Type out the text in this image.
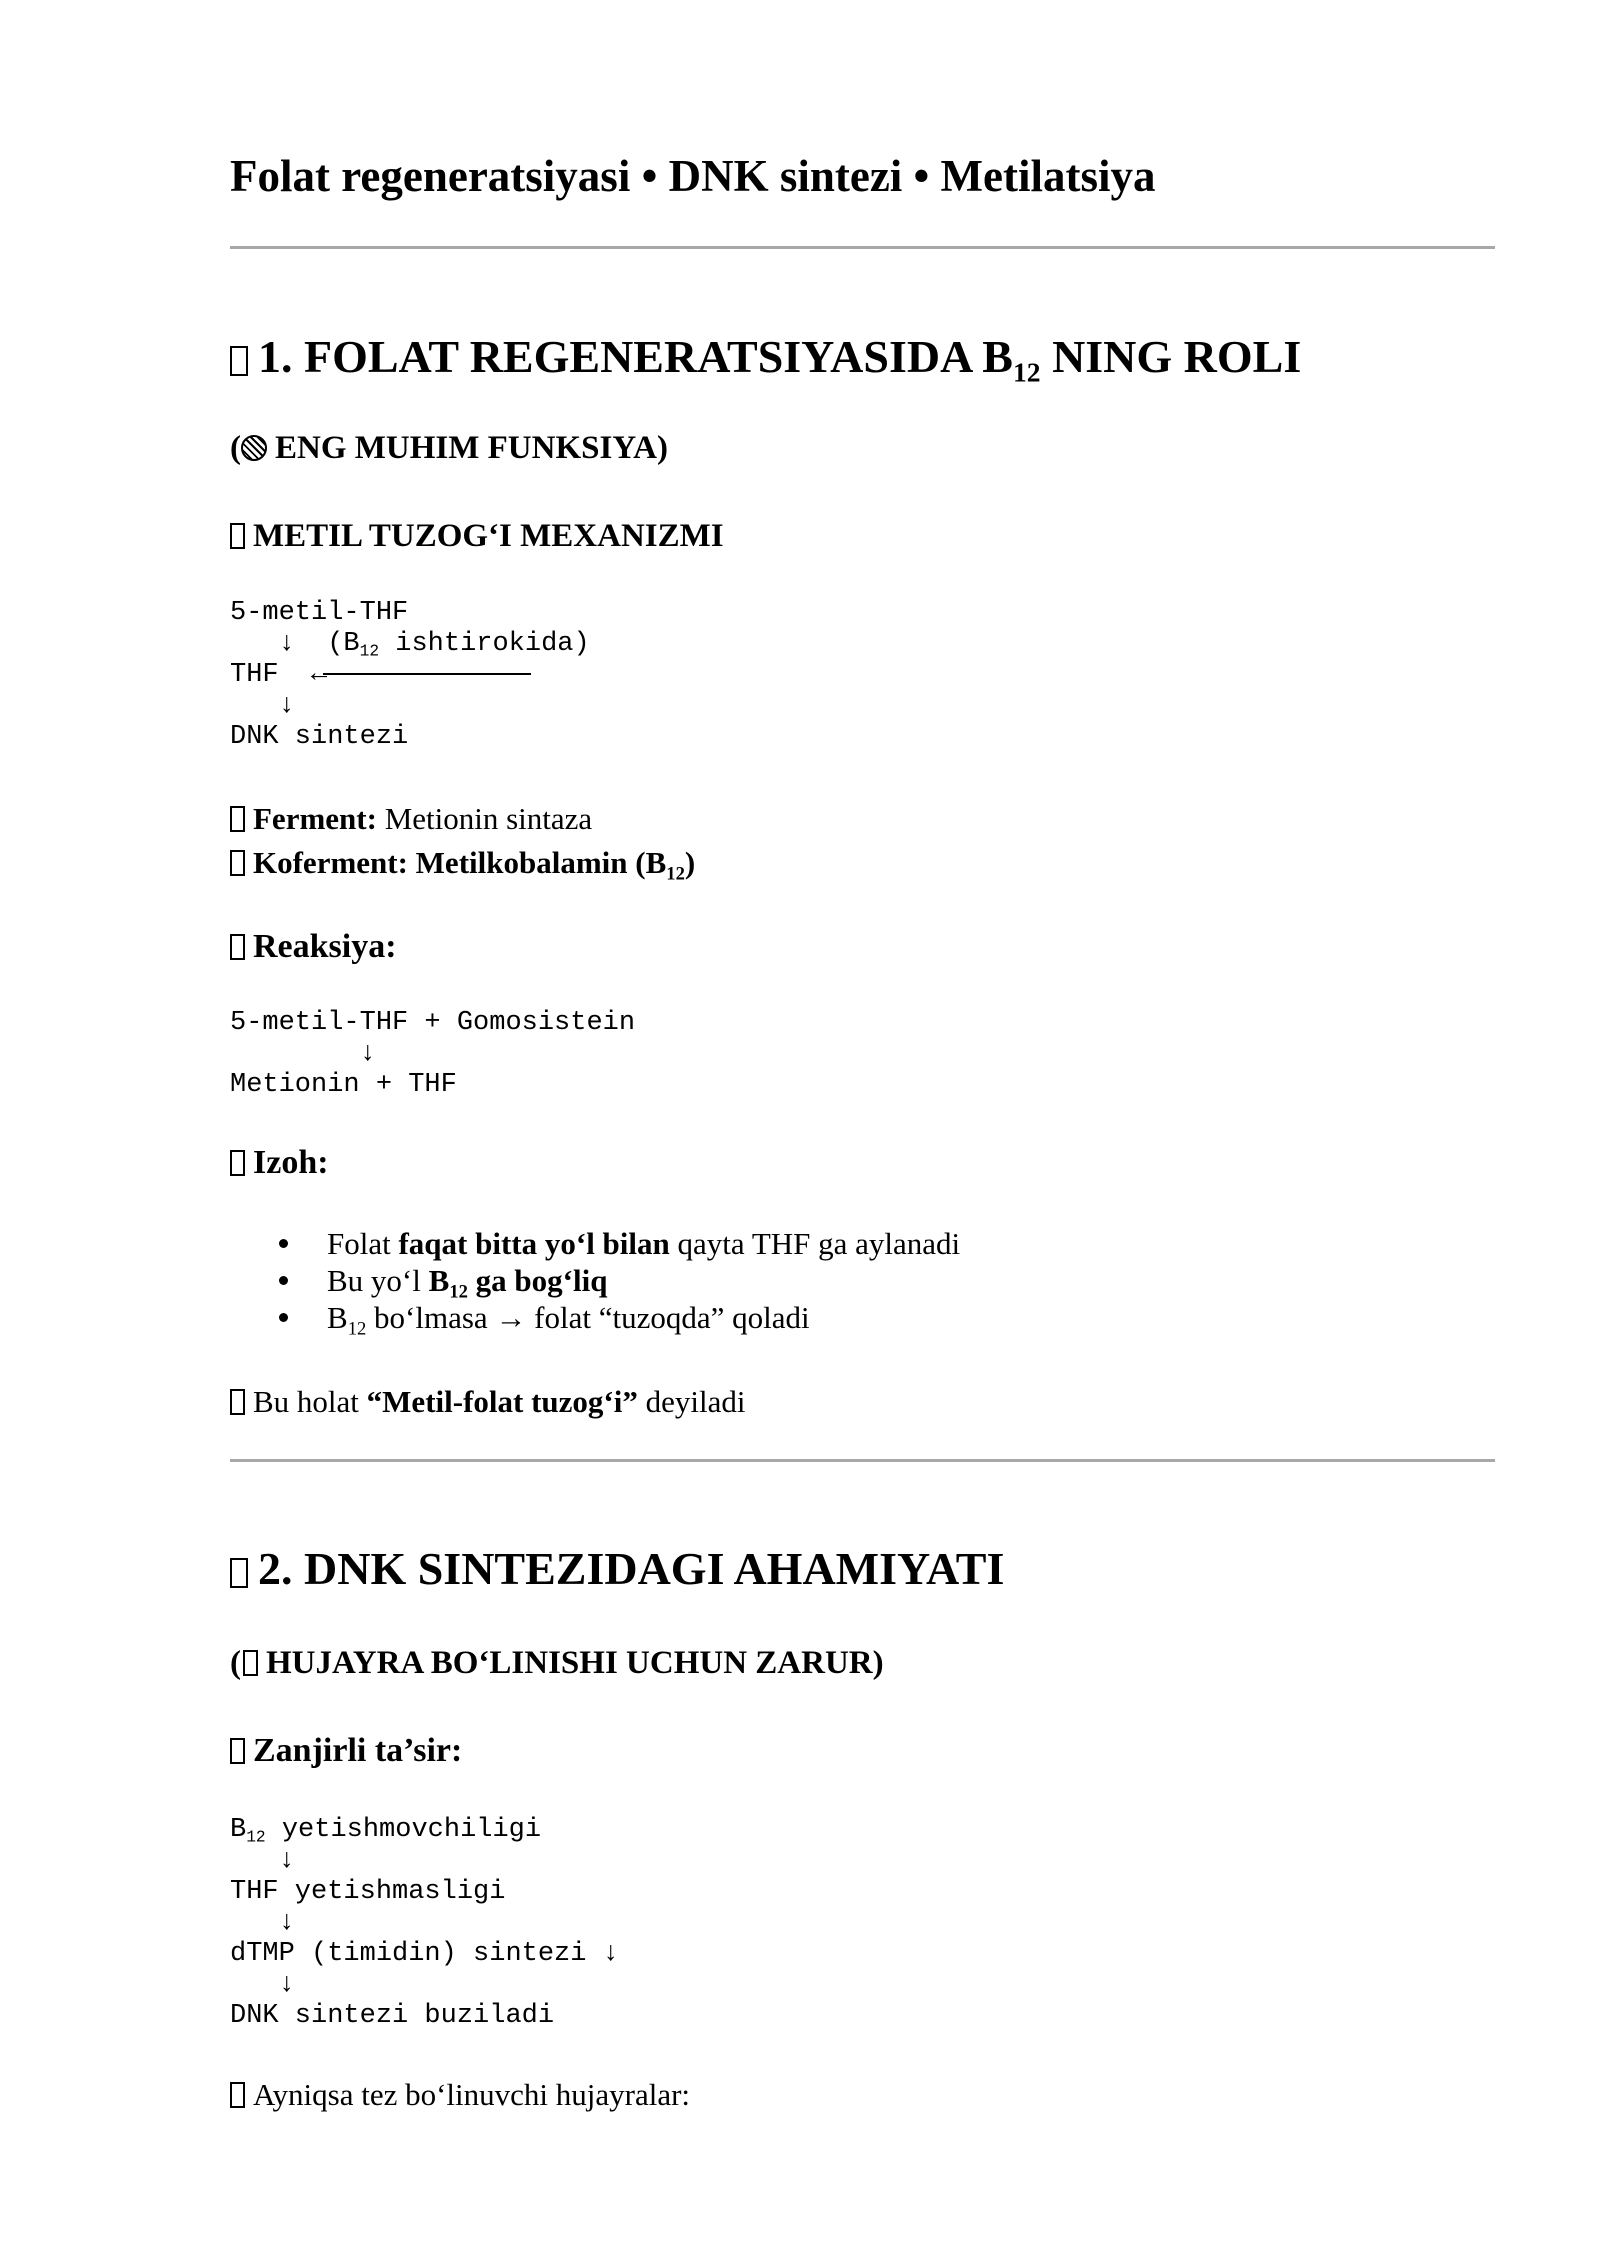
Folat regeneratsiyasi • DNK sintezi • Metilatsiya
1. FOLAT REGENERATSIYASIDA $B_{12}$ NING ROLI
( ENG MUHIM FUNKSIYA)
METIL TUZOG‘I MEXANIZMI
5-metil-THF
↓  ($B_{12}$ ishtirokida)
THF  ←
↓
DNK sintezi
Ferment: Metionin sintaza
Koferment: Metilkobalamin $(B_{12})$
Reaksiya:
5-metil-THF + Gomosistein
↓
Metionin + THF
Izoh:
Folat faqat bitta yo‘l bilan qayta THF ga aylanadi
Bu yo‘l $B_{12}$ ga bog‘liq
$B_{12}$ bo‘lmasa → folat “tuzoqda” qoladi
Bu holat “Metil-folat tuzog‘i” deyiladi
2. DNK SINTEZIDAGI AHAMIYATI
( HUJAYRA BO‘LINISHI UCHUN ZARUR)
Zanjirli ta’sir:
$B_{12}$ yetishmovchiligi
↓
THF yetishmasligi
↓
dTMP (timidin) sintezi ↓
↓
DNK sintezi buziladi
Ayniqsa tez bo‘linuvchi hujayralar:
